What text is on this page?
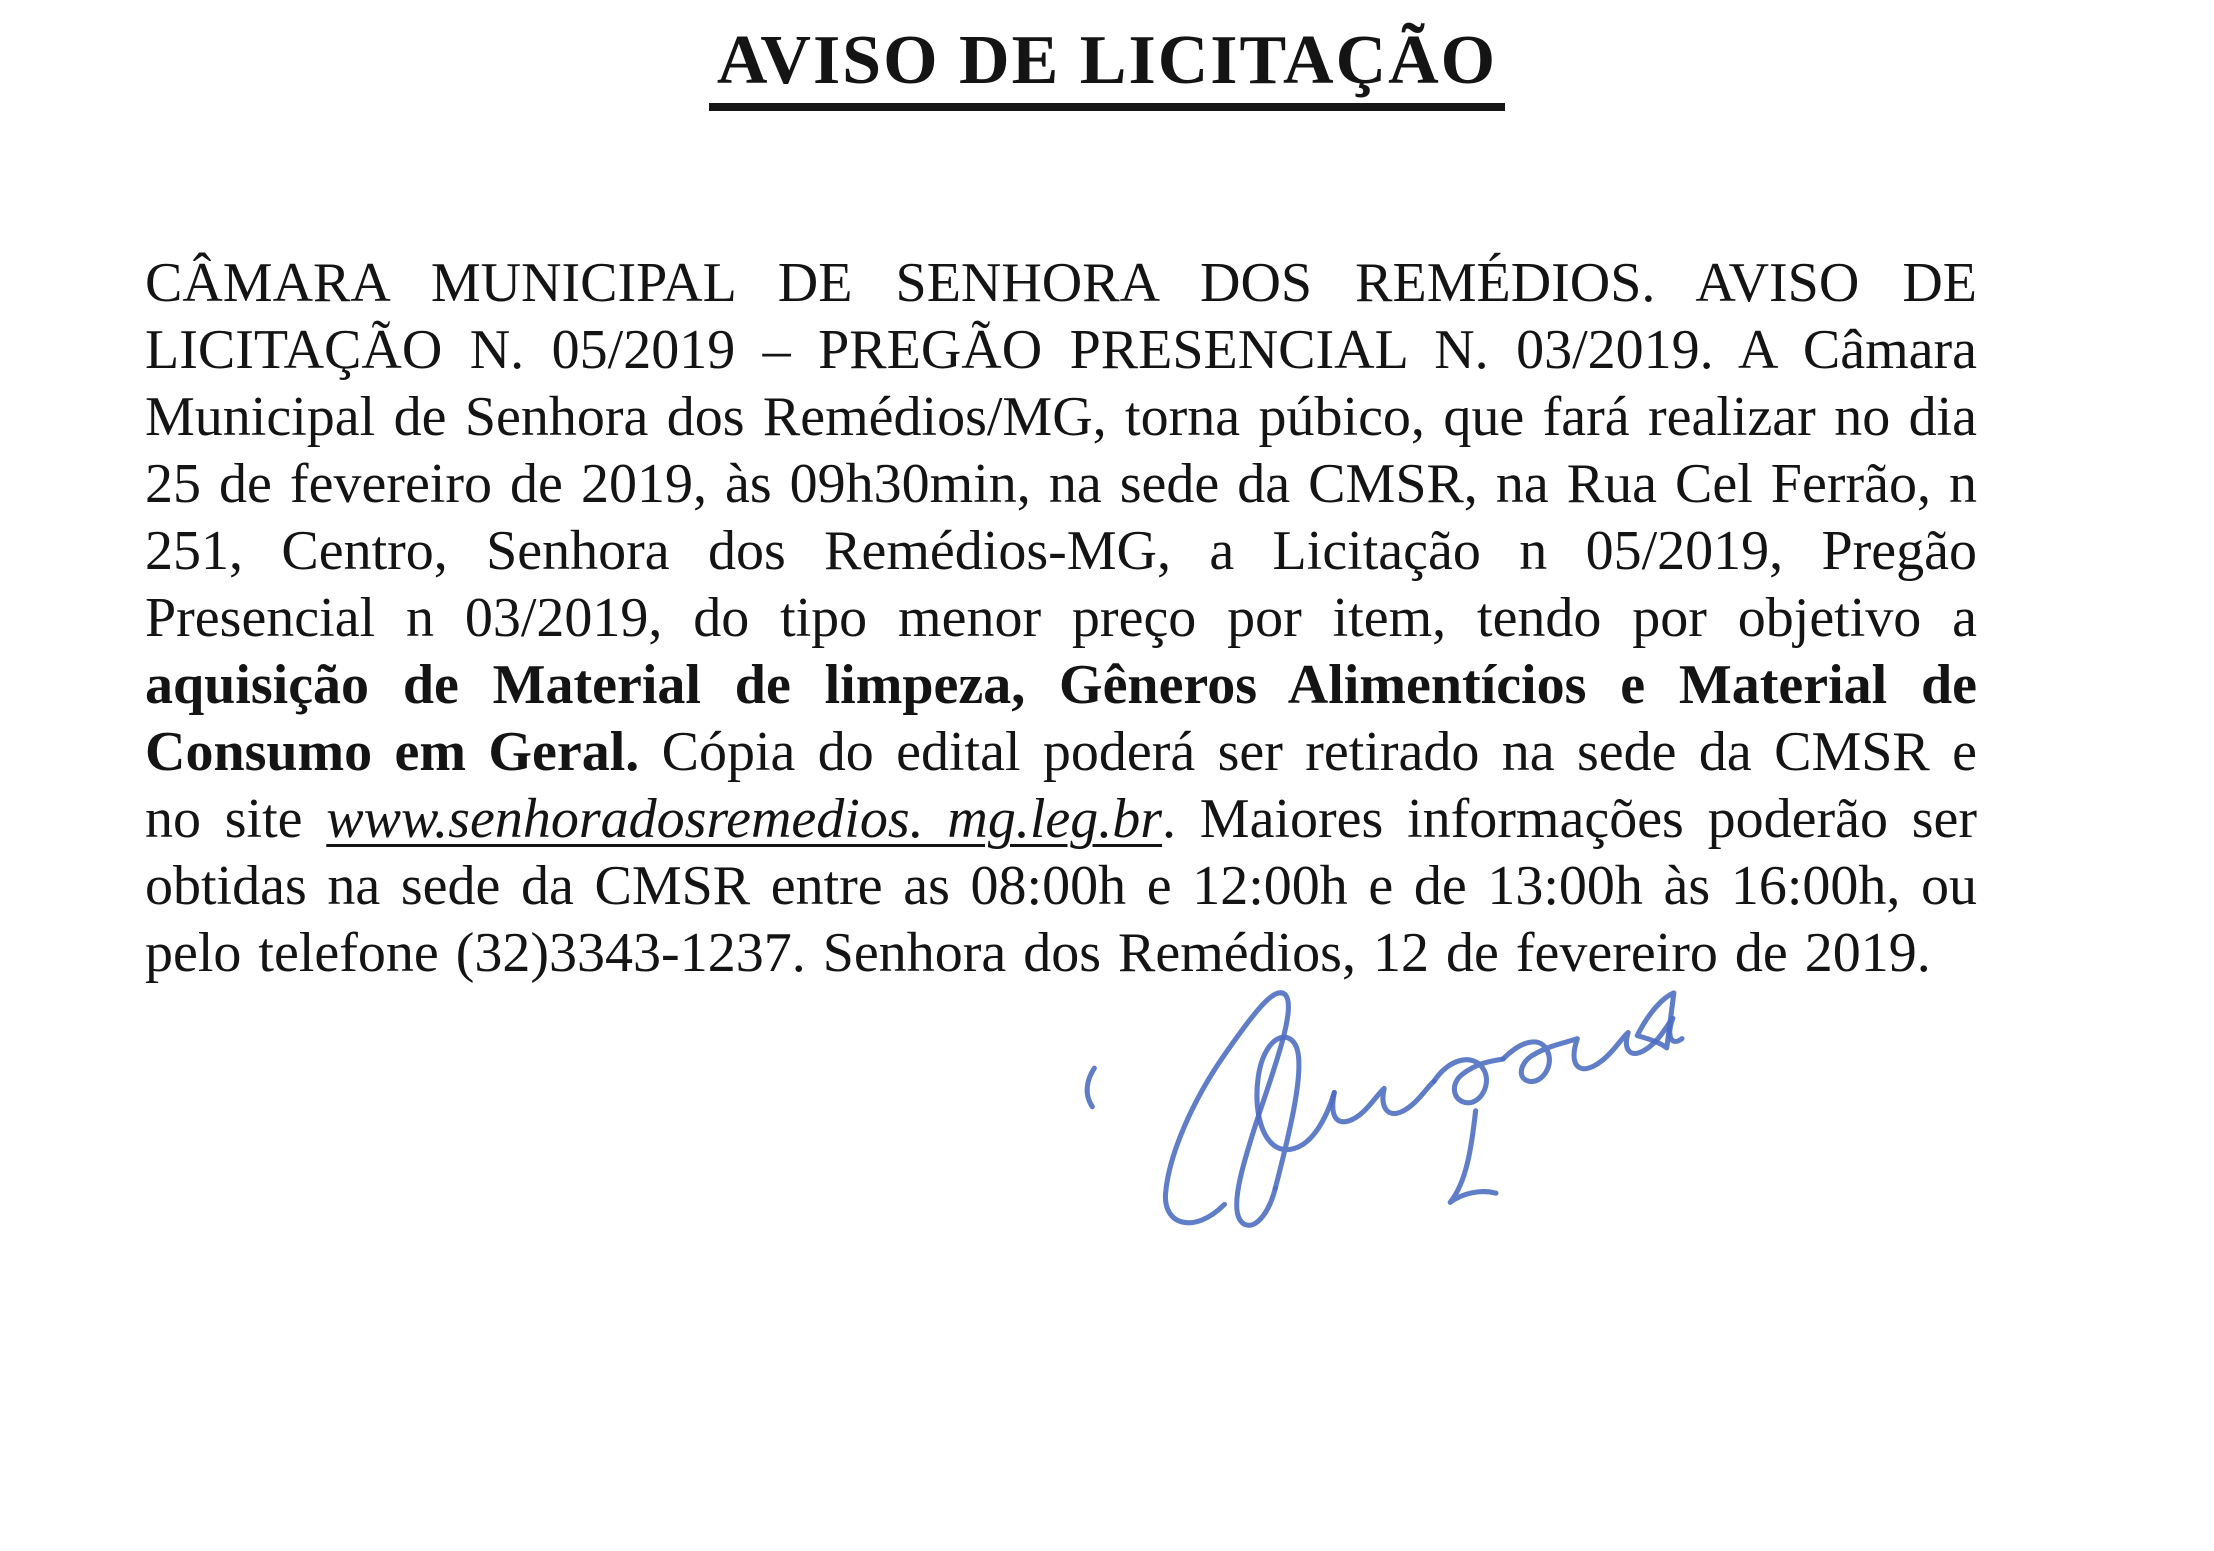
AVISO DE LICITAÇÃO

CÂMARA MUNICIPAL DE SENHORA DOS REMÉDIOS. AVISO DE LICITAÇÃO N. 05/2019 – PREGÃO PRESENCIAL N. 03/2019. A Câmara Municipal de Senhora dos Remédios/MG, torna púbico, que fará realizar no dia 25 de fevereiro de 2019, às 09h30min, na sede da CMSR, na Rua Cel Ferrão, n 251, Centro, Senhora dos Remédios-MG, a Licitação n 05/2019, Pregão Presencial n 03/2019, do tipo menor preço por item, tendo por objetivo a aquisição de Material de limpeza, Gêneros Alimentícios e Material de Consumo em Geral. Cópia do edital poderá ser retirado na sede da CMSR e no site www.senhoradosremedios. mg.leg.br. Maiores informações poderão ser obtidas na sede da CMSR entre as 08:00h e 12:00h e de 13:00h às 16:00h, ou pelo telefone (32)3343-1237. Senhora dos Remédios, 12 de fevereiro de 2019.
